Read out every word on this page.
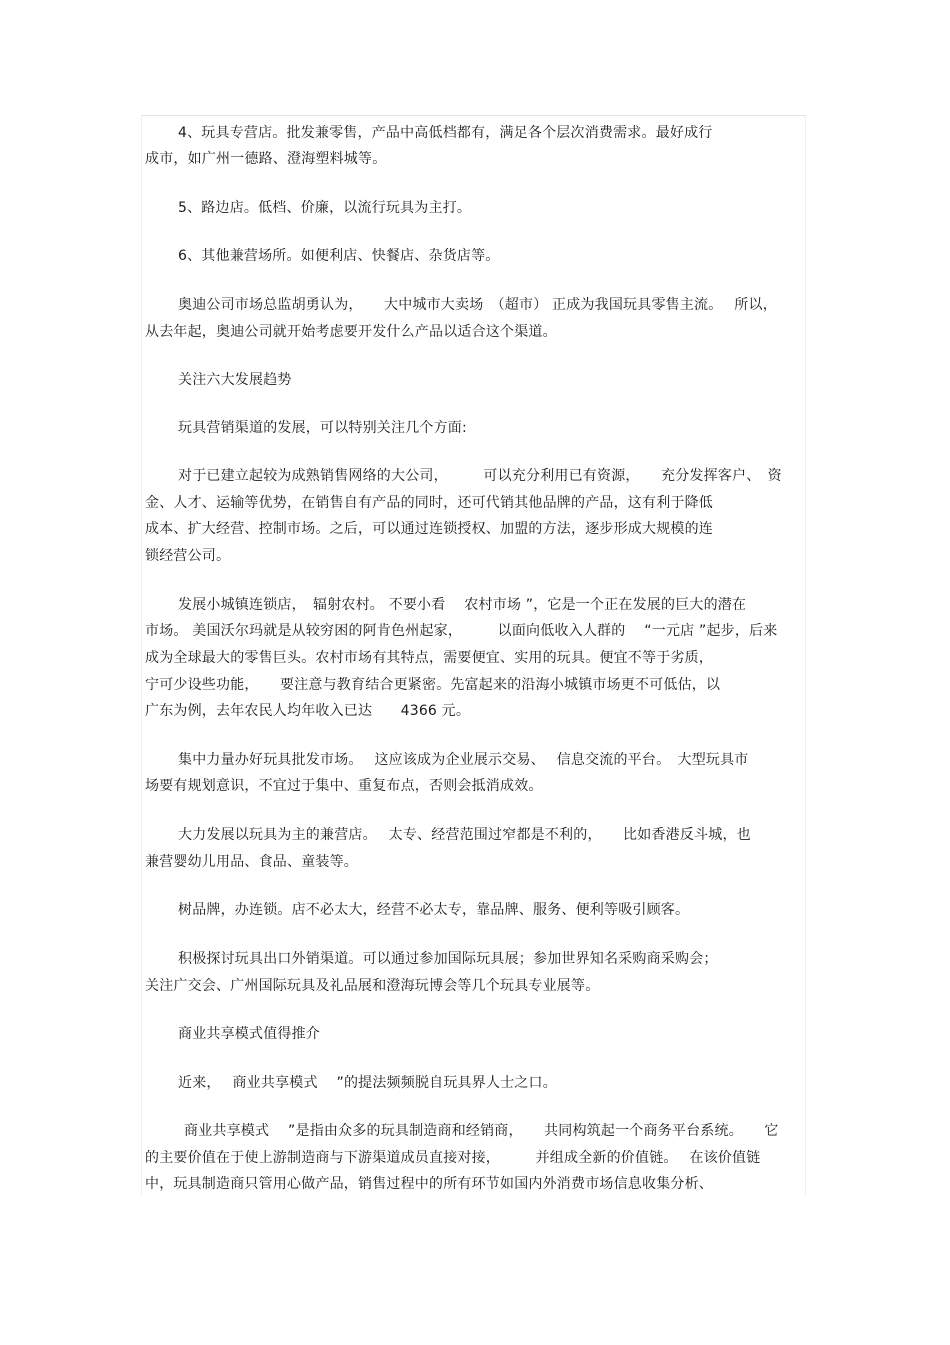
4、玩具专营店。批发兼零售，产品中高低档都有，满足各个层次消费需求。最好成行
成市，如广州一德路、澄海塑料城等。
5、路边店。低档、价廉，以流行玩具为主打。
6、其他兼营场所。如便利店、快餐店、杂货店等。
奥迪公司市场总监胡勇认为，　　大中城市大卖场　（超市） 正成为我国玩具零售主流。　 所以，
从去年起，奥迪公司就开始考虑要开发什么产品以适合这个渠道。
关注六大发展趋势
玩具营销渠道的发展，可以特别关注几个方面:
对于已建立起较为成熟销售网络的大公司，　　　可以充分利用已有资源，　　充分发挥客户、　资
金、人才、运输等优势，在销售自有产品的同时，还可代销其他品牌的产品，这有利于降低
成本、扩大经营、控制市场。之后，可以通过连锁授权、加盟的方法，逐步形成大规模的连
锁经营公司。
发展小城镇连锁店，　辐射农村。 不要小看　 农村市场 ”，它是一个正在发展的巨大的潜在
市场。 美国沃尔玛就是从较穷困的阿肯色州起家，　　　以面向低收入人群的　 “一元店 ”起步，后来
成为全球最大的零售巨头。农村市场有其特点，需要便宜、实用的玩具。便宜不等于劣质，
宁可少设些功能，　　要注意与教育结合更紧密。先富起来的沿海小城镇市场更不可低估，以
广东为例，去年农民人均年收入已达　　4366 元。
集中力量办好玩具批发市场。　 这应该成为企业展示交易、　 信息交流的平台。　大型玩具市
场要有规划意识，不宜过于集中、重复布点，否则会抵消成效。
大力发展以玩具为主的兼营店。　 太专、经营范围过窄都是不利的，　　比如香港反斗城，也
兼营婴幼儿用品、食品、童装等。
树品牌，办连锁。店不必太大，经营不必太专，靠品牌、服务、便利等吸引顾客。
积极探讨玩具出口外销渠道。可以通过参加国际玩具展；参加世界知名采购商采购会；
关注广交会、广州国际玩具及礼品展和澄海玩博会等几个玩具专业展等。
商业共享模式值得推介
近来，　 商业共享模式　 ”的提法频频脱自玩具界人士之口。
商业共享模式　 ”是指由众多的玩具制造商和经销商，　　共同构筑起一个商务平台系统。　　它
的主要价值在于使上游制造商与下游渠道成员直接对接，　　　并组成全新的价值链。　 在该价值链
中，玩具制造商只管用心做产品，销售过程中的所有环节如国内外消费市场信息收集分析、
